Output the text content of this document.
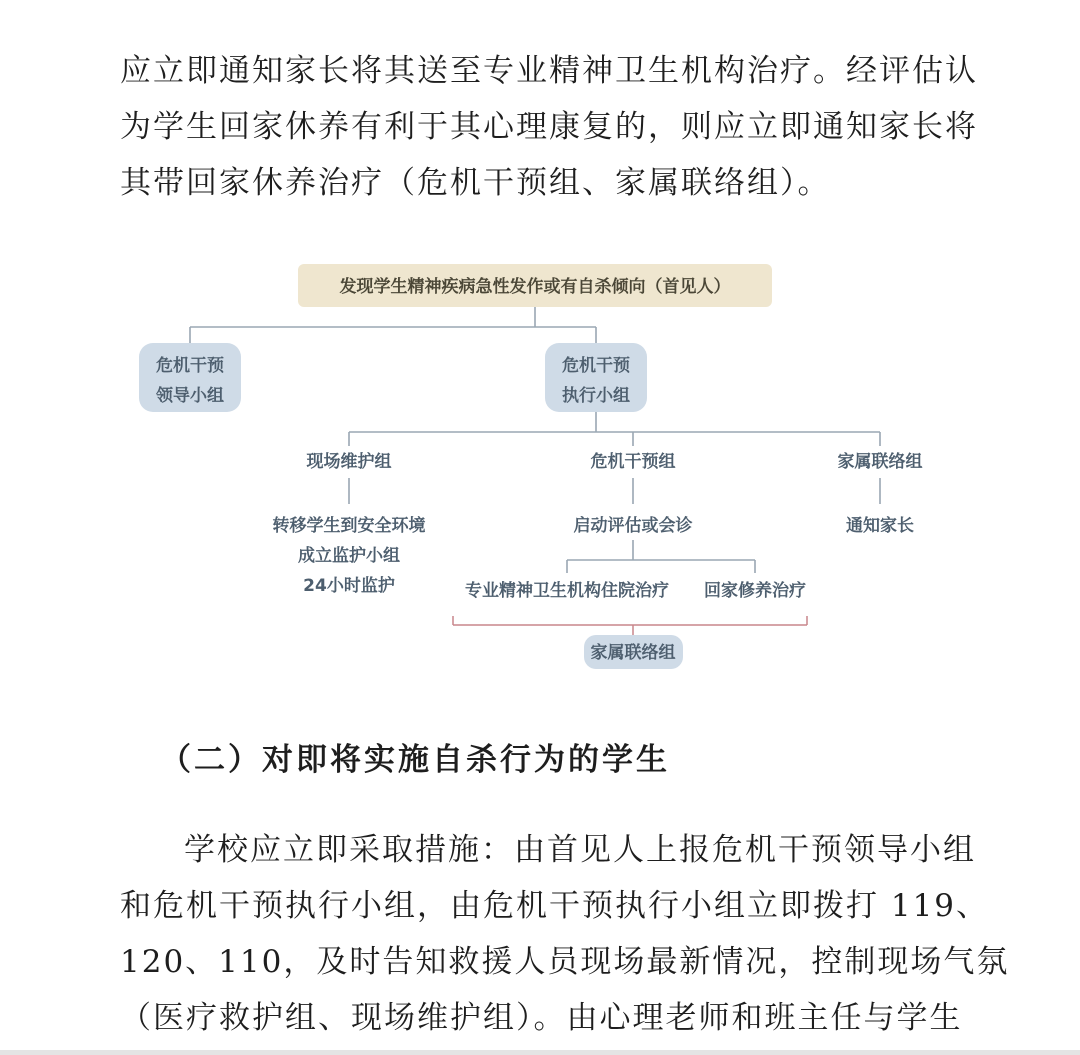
应立即通知家长将其送至专业精神卫生机构治疗。经评估认
为学生回家休养有利于其心理康复的，则应立即通知家长将
其带回家休养治疗（危机干预组、家属联络组）。
发现学生精神疾病急性发作或有自杀倾向（首见人）
危机干预
领导小组
危机干预
执行小组
现场维护组	危机干预组	家属联络组
转移学生到安全环境
成立监护小组
24小时监护
启动评估或会诊
专业精神卫生机构住院治疗 回家修养治疗
通知家长
家属联络组
（二）对即将实施自杀行为的学生
学校应立即采取措施：由首见人上报危机干预领导小组
和危机干预执行小组，由危机干预执行小组立即拨打 119、
120、110，及时告知救援人员现场最新情况，控制现场气氛
（医疗救护组、现场维护组）。由心理老师和班主任与学生
